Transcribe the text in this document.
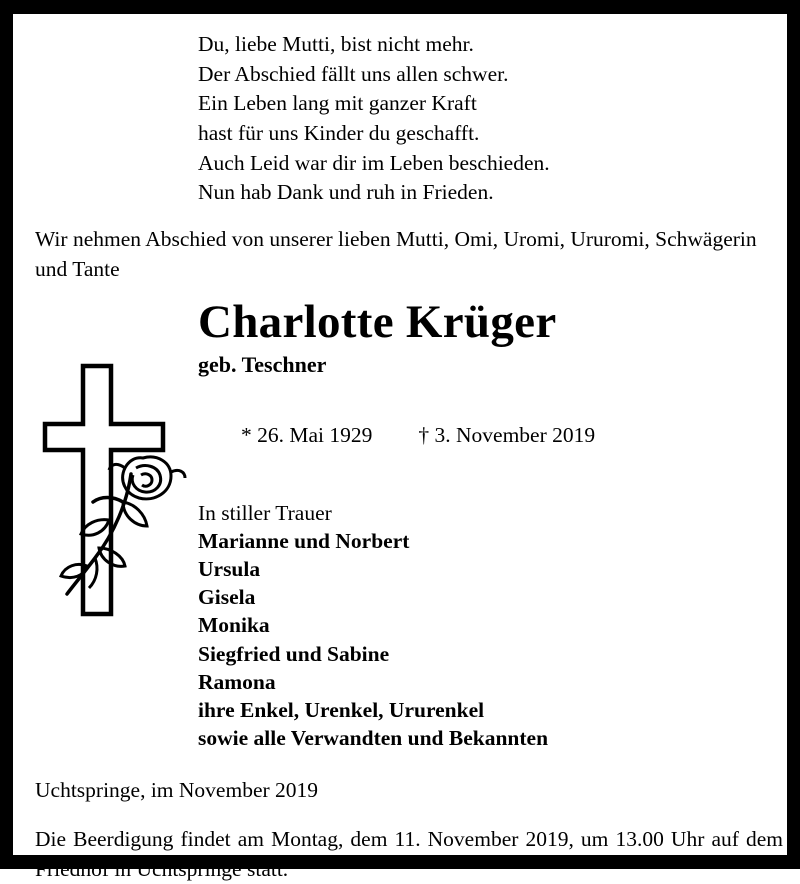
Du, liebe Mutti, bist nicht mehr.
Der Abschied fällt uns allen schwer.
Ein Leben lang mit ganzer Kraft
hast für uns Kinder du geschafft.
Auch Leid war dir im Leben beschieden.
Nun hab Dank und ruh in Frieden.
Wir nehmen Abschied von unserer lieben Mutti, Omi, Uromi, Ururomi, Schwägerin und Tante
Charlotte Krüger
geb. Teschner

* 26. Mai 1929 † 3. November 2019

In stiller Trauer
Marianne und Norbert
Ursula
Gisela
Monika
Siegfried und Sabine
Ramona
ihre Enkel, Urenkel, Ururenkel
sowie alle Verwandten und Bekannten
Uchtspringe, im November 2019
Die Beerdigung findet am Montag, dem 11. November 2019, um 13.00 Uhr auf dem Friedhof in Uchtspringe statt.
